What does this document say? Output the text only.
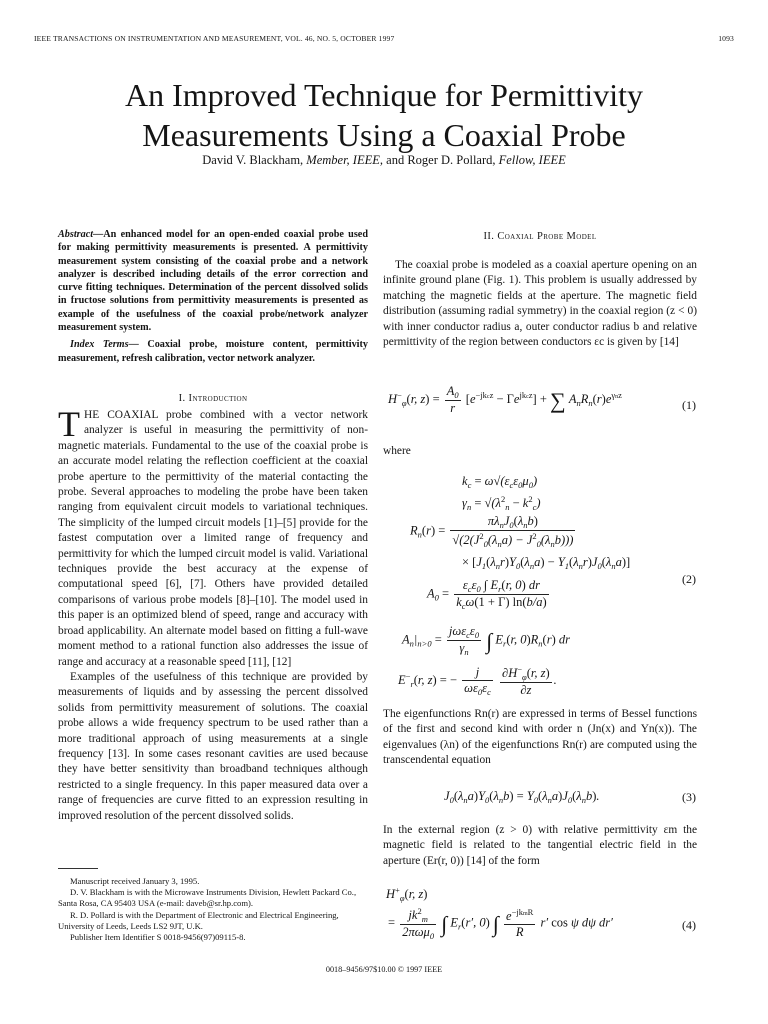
IEEE TRANSACTIONS ON INSTRUMENTATION AND MEASUREMENT, VOL. 46, NO. 5, OCTOBER 1997	1093
An Improved Technique for Permittivity
Measurements Using a Coaxial Probe
David V. Blackham, Member, IEEE, and Roger D. Pollard, Fellow, IEEE

Abstract—An enhanced model for an open-ended coaxial probe used for making permittivity measurements is presented. A permittivity measurement system consisting of the coaxial probe and a network analyzer is described including details of the error correction and curve fitting techniques. Determination of the percent dissolved solids in fructose solutions from permittivity measurements is presented as example of the usefulness of the coaxial probe/network analyzer measurement system.

Index Terms— Coaxial probe, moisture content, permittivity measurement, refresh calibration, vector network analyzer.

I. Introduction

THE COAXIAL probe combined with a vector network analyzer is useful in measuring the permittivity of non-magnetic materials. Fundamental to the use of the coaxial probe is an accurate model relating the reflection coefficient at the coaxial probe aperture to the permittivity of the material contacting the probe. Several approaches to modeling the probe have been taken ranging from equivalent circuit models to variational techniques. The simplicity of the lumped circuit models [1]–[5] provide for the fastest computation over a limited range of frequency and permittivity for which the lumped circuit model is valid. Variational techniques provide the best accuracy at the expense of computational speed [6], [7]. Others have provided detailed comparisons of various probe models [8]–[10]. The model used in this paper is an optimized blend of speed, range and accuracy with broad applicability. An alternate model based on fitting a full-wave moment method to a rational function also addresses the issue of range and accuracy at a reasonable speed [11], [12]

Examples of the usefulness of this technique are provided by measurements of liquids and by assessing the percent dissolved solids from permittivity measurement of solutions. The coaxial probe allows a wide frequency spectrum to be used rather than a more traditional approach of using measurements at a single frequency [13]. In some cases resonant cavities are used because they have better sensitivity than broadband techniques although restricted to a single frequency. In this paper measured data over a range of frequencies are curve fitted to an expression resulting in improved resolution of the percent dissolved solids.

Manuscript received January 3, 1995.

D. V. Blackham is with the Microwave Instruments Division, Hewlett Packard Co., Santa Rosa, CA 95403 USA (e-mail: daveb@sr.hp.com).

R. D. Pollard is with the Department of Electronic and Electrical Engineering, University of Leeds, Leeds LS2 9JT, U.K.

Publisher Item Identifier S 0018-9456(97)09115-8.

II. Coaxial Probe Model

The coaxial probe is modeled as a coaxial aperture opening on an infinite ground plane (Fig. 1). This problem is usually addressed by matching the magnetic fields at the aperture. The magnetic field distribution (assuming radial symmetry) in the coaxial region (z < 0) with inner conductor radius a, outer conductor radius b and relative permittivity of the region between conductors εc is given by [14]

$H^-_\varphi(r$, $z) = \frac{A_0}{r} [e^{-jkcz} - \Gamma e^{jkcz}]$ + ∑ $A_nR_n(r)e^{\gamma nz}$
(1)
where
$k_c = \omega√(\varepsilon_c\varepsilon_0\mu_0)$
$\gamma_n = √(\lambda^2_n - k^2_c)$
$R_n(r) = \frac{\pi\lambda_nJ_0(\lambda_nb)}{√(2(J^2_0(\lambda_na) - J^2_0(\lambda_nb)))}$
× $[J_1(\lambda_nr)Y_0(\lambda_na) - Y_1(\lambda_nr)J_0(\lambda_na)]$
(2)
$A_0 = \frac{\varepsilon_c\varepsilon_0 \int E_r(r, 0) dr}{k_c\omega(1 + \Gamma) \ln(b/a)}$
$A_n|_{n>0} = \frac{j\omega\varepsilon_c\varepsilon_0}{\gamma_n}$ ∫ $E_r(r$, $0)R_n(r)$ dr
$E^-_r(r$, z) = − $\frac{j}{\omega\varepsilon_0\varepsilon_c}$
$\frac{\partial H^-_\varphi(r, z)}{\partial z}$ .

The eigenfunctions Rn(r) are expressed in terms of Bessel functions of the first and second kind with order n (Jn(x) and Yn(x)). The eigenvalues (λn) of the eigenfunctions Rn(r) are computed using the transcendental equation

$J_0(\lambda_na)Y_0(\lambda_nb) = Y_0(\lambda_na)J_0(\lambda_nb)$.	(3)

In the external region (z > 0) with relative permittivity εm the magnetic field is related to the tangential electric field in the aperture (Er(r, 0)) [14] of the form

$H^+_\varphi(r$, z)
= $\frac{jk^2_m}{2\pi\omega\mu_0}$ ∫ $E_r(r'$, 0) ∫ $\frac{e^{-jkmR}}{R} r'$ cos ψ dψ dr′	(4)
0018–9456/97$10.00 © 1997 IEEE
